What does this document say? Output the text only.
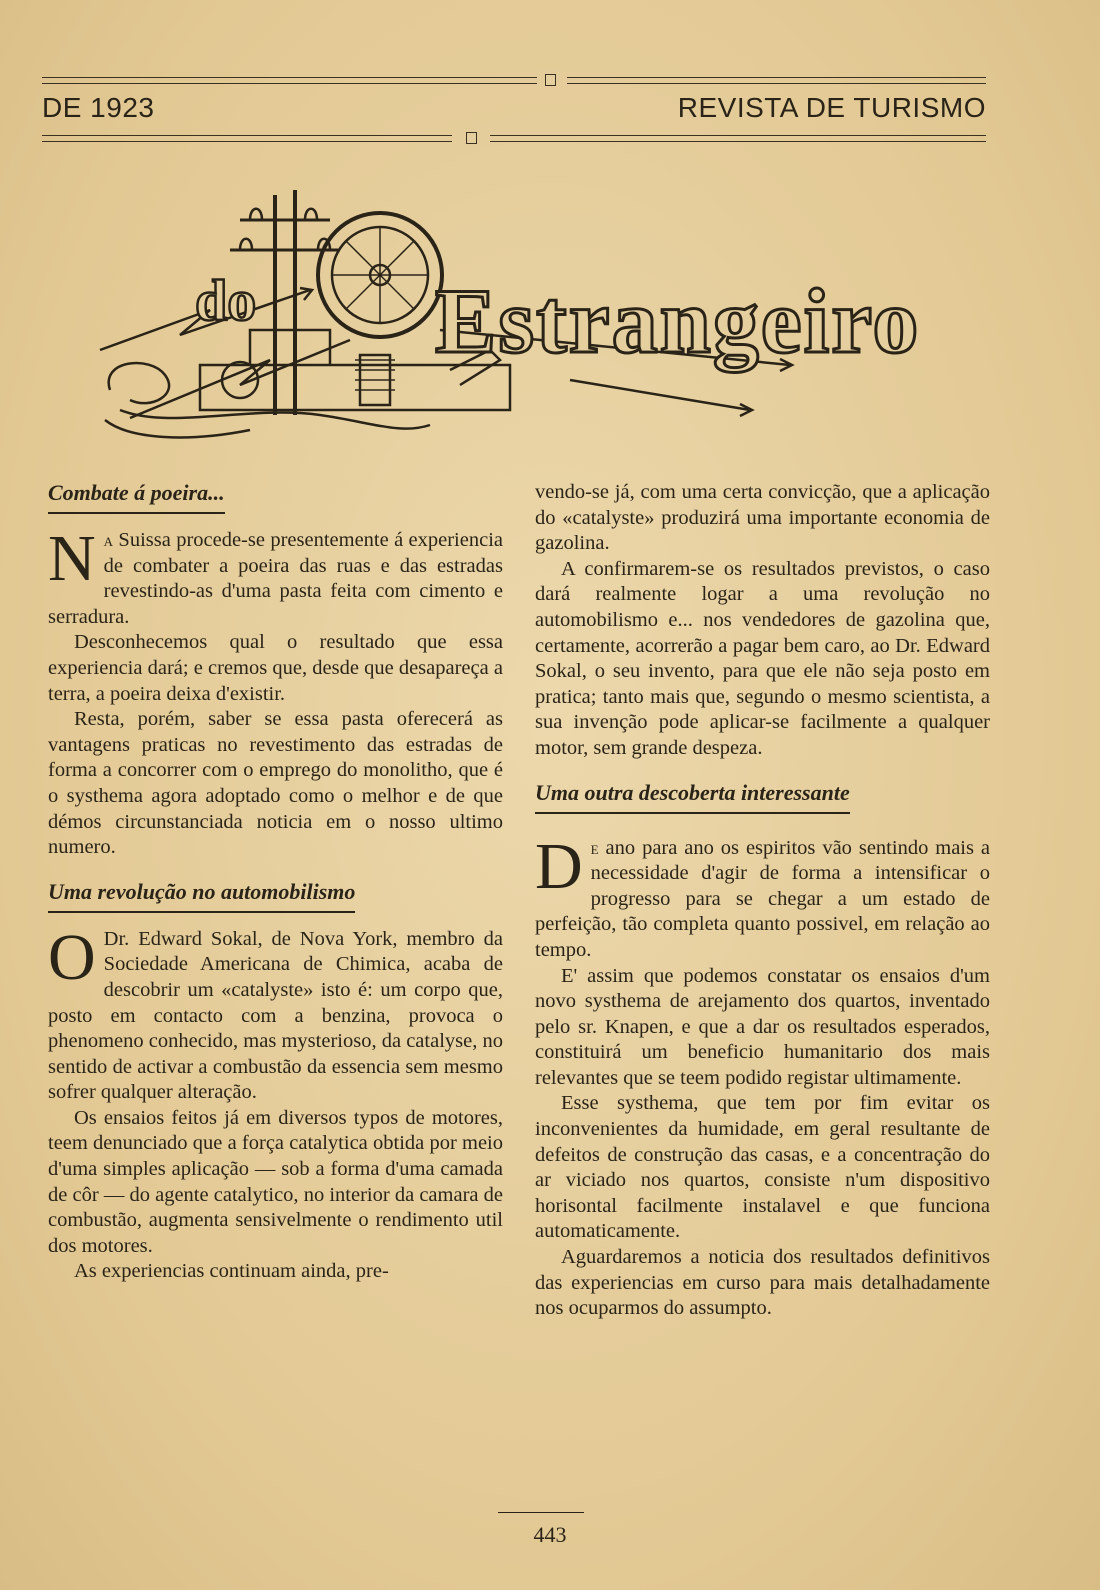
DE 1923	REVISTA DE TURISMO
do Estrangeiro
Combate á poeira...

Na Suissa procede-se presentemente á experiencia de combater a poeira das ruas e das estradas revestindo-as d'uma pasta feita com cimento e serradura.

Desconhecemos qual o resultado que essa experiencia dará; e cremos que, desde que desapareça a terra, a poeira deixa d'existir.

Resta, porém, saber se essa pasta oferecerá as vantagens praticas no revestimento das estradas de forma a concorrer com o emprego do monolitho, que é o systhema agora adoptado como o melhor e de que démos circunstanciada noticia em o nosso ultimo numero.

Uma revolução no automobilismo

O Dr. Edward Sokal, de Nova York, membro da Sociedade Americana de Chimica, acaba de descobrir um «catalyste» isto é: um corpo que, posto em contacto com a benzina, provoca o phenomeno conhecido, mas mysterioso, da catalyse, no sentido de activar a combustão da essencia sem mesmo sofrer qualquer alteração.

Os ensaios feitos já em diversos typos de motores, teem denunciado que a força catalytica obtida por meio d'uma simples aplicação — sob a forma d'uma camada de côr — do agente catalytico, no interior da camara de combustão, augmenta sensivelmente o rendimento util dos motores.

As experiencias continuam ainda, pre-

vendo-se já, com uma certa convicção, que a aplicação do «catalyste» produzirá uma importante economia de gazolina.

A confirmarem-se os resultados previstos, o caso dará realmente logar a uma revolução no automobilismo e... nos vendedores de gazolina que, certamente, acorrerão a pagar bem caro, ao Dr. Edward Sokal, o seu invento, para que ele não seja posto em pratica; tanto mais que, segundo o mesmo scientista, a sua invenção pode aplicar-se facilmente a qualquer motor, sem grande despeza.

Uma outra descoberta interessante

De ano para ano os espiritos vão sentindo mais a necessidade d'agir de forma a intensificar o progresso para se chegar a um estado de perfeição, tão completa quanto possivel, em relação ao tempo.

E' assim que podemos constatar os ensaios d'um novo systhema de arejamento dos quartos, inventado pelo sr. Knapen, e que a dar os resultados esperados, constituirá um beneficio humanitario dos mais relevantes que se teem podido registar ultimamente.

Esse systhema, que tem por fim evitar os inconvenientes da humidade, em geral resultante de defeitos de construção das casas, e a concentração do ar viciado nos quartos, consiste n'um dispositivo horisontal facilmente instalavel e que funciona automaticamente.

Aguardaremos a noticia dos resultados definitivos das experiencias em curso para mais detalhadamente nos ocuparmos do assumpto.

443
